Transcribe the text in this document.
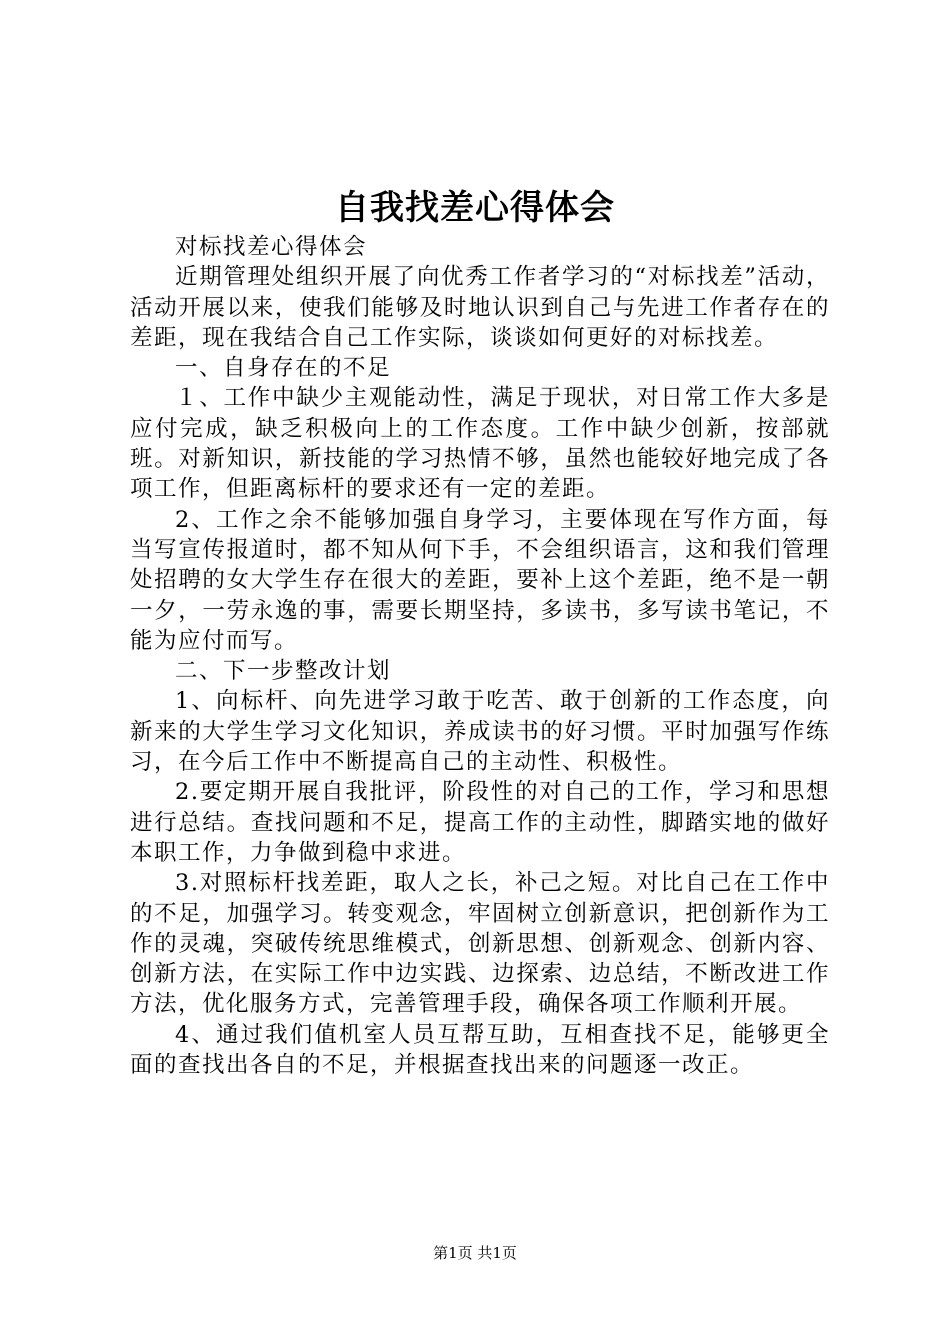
自我找差心得体会

对标找差心得体会

近期管理处组织开展了向优秀工作者学习的“对标找差”活动，活动开展以来，使我们能够及时地认识到自己与先进工作者存在的差距，现在我结合自己工作实际，谈谈如何更好的对标找差。

一、自身存在的不足

１、工作中缺少主观能动性，满足于现状，对日常工作大多是应付完成，缺乏积极向上的工作态度。工作中缺少创新，按部就班。对新知识，新技能的学习热情不够，虽然也能较好地完成了各项工作，但距离标杆的要求还有一定的差距。

2、工作之余不能够加强自身学习，主要体现在写作方面，每当写宣传报道时，都不知从何下手，不会组织语言，这和我们管理处招聘的女大学生存在很大的差距，要补上这个差距，绝不是一朝一夕，一劳永逸的事，需要长期坚持，多读书，多写读书笔记，不能为应付而写。

二、下一步整改计划

1、向标杆、向先进学习敢于吃苦、敢于创新的工作态度，向新来的大学生学习文化知识，养成读书的好习惯。平时加强写作练习，在今后工作中不断提高自己的主动性、积极性。

2.要定期开展自我批评，阶段性的对自己的工作，学习和思想进行总结。查找问题和不足，提高工作的主动性，脚踏实地的做好本职工作，力争做到稳中求进。

3.对照标杆找差距，取人之长，补己之短。对比自己在工作中的不足，加强学习。转变观念，牢固树立创新意识，把创新作为工作的灵魂，突破传统思维模式，创新思想、创新观念、创新内容、创新方法，在实际工作中边实践、边探索、边总结，不断改进工作方法，优化服务方式，完善管理手段，确保各项工作顺利开展。

4、通过我们值机室人员互帮互助，互相查找不足，能够更全面的查找出各自的不足，并根据查找出来的问题逐一改正。

第1页 共1页
